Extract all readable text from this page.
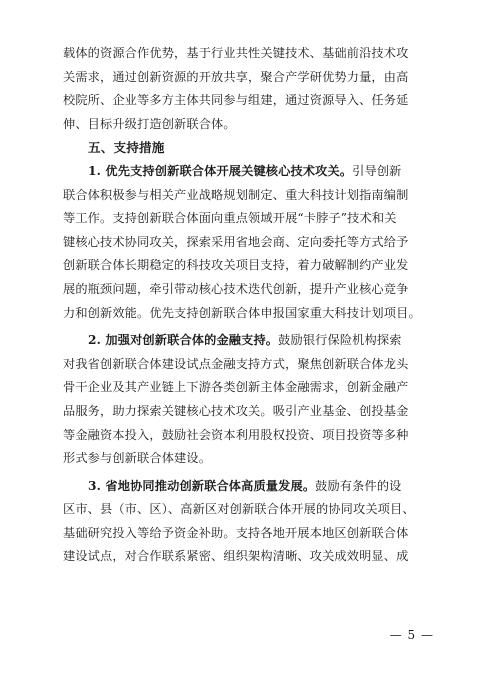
载体的资源合作优势，基于行业共性关键技术、基础前沿技术攻
关需求，通过创新资源的开放共享，聚合产学研优势力量，由高
校院所、企业等多方主体共同参与组建，通过资源导入、任务延
伸、目标升级打造创新联合体。
五、支持措施
1. 优先支持创新联合体开展关键核心技术攻关。引导创新
联合体积极参与相关产业战略规划制定、重大科技计划指南编制
等工作。支持创新联合体面向重点领域开展“卡脖子”技术和关
键核心技术协同攻关，探索采用省地会商、定向委托等方式给予
创新联合体长期稳定的科技攻关项目支持，着力破解制约产业发
展的瓶颈问题，牵引带动核心技术迭代创新，提升产业核心竞争
力和创新效能。优先支持创新联合体申报国家重大科技计划项目。
2. 加强对创新联合体的金融支持。鼓励银行保险机构探索
对我省创新联合体建设试点金融支持方式，聚焦创新联合体龙头
骨干企业及其产业链上下游各类创新主体金融需求，创新金融产
品服务，助力探索关键核心技术攻关。吸引产业基金、创投基金
等金融资本投入，鼓励社会资本利用股权投资、项目投资等多种
形式参与创新联合体建设。
3. 省地协同推动创新联合体高质量发展。鼓励有条件的设
区市、县（市、区）、高新区对创新联合体开展的协同攻关项目、
基础研究投入等给予资金补助。支持各地开展本地区创新联合体
建设试点，对合作联系紧密、组织架构清晰、攻关成效明显、成
— 5 —
